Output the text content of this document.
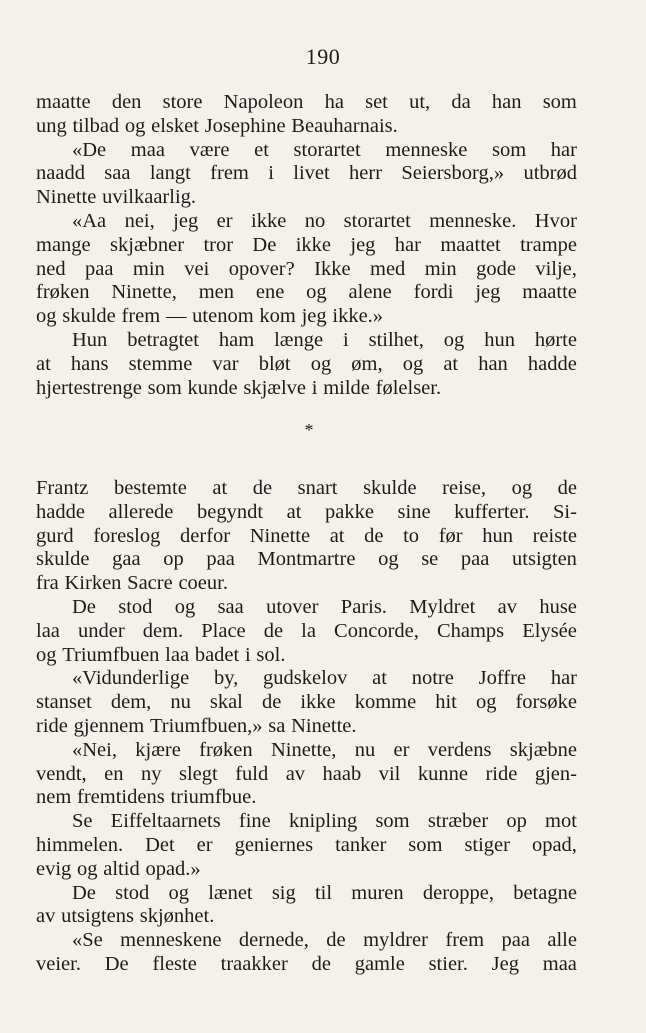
190
maatte den store Napoleon ha set ut, da han som
ung tilbad og elsket Josephine Beauharnais.
«De maa være et storartet menneske som har
naadd saa langt frem i livet herr Seiersborg,» utbrød
Ninette uvilkaarlig.
«Aa nei, jeg er ikke no storartet menneske. Hvor
mange skjæbner tror De ikke jeg har maattet trampe
ned paa min vei opover? Ikke med min gode vilje,
frøken Ninette, men ene og alene fordi jeg maatte
og skulde frem — utenom kom jeg ikke.»
Hun betragtet ham længe i stilhet, og hun hørte
at hans stemme var bløt og øm, og at han hadde
hjertestrenge som kunde skjælve i milde følelser.
*
Frantz bestemte at de snart skulde reise, og de
hadde allerede begyndt at pakke sine kufferter. Si-
gurd foreslog derfor Ninette at de to før hun reiste
skulde gaa op paa Montmartre og se paa utsigten
fra Kirken Sacre coeur.
De stod og saa utover Paris. Myldret av huse
laa under dem. Place de la Concorde, Champs Elysée
og Triumfbuen laa badet i sol.
«Vidunderlige by, gudskelov at notre Joffre har
stanset dem, nu skal de ikke komme hit og forsøke
ride gjennem Triumfbuen,» sa Ninette.
«Nei, kjære frøken Ninette, nu er verdens skjæbne
vendt, en ny slegt fuld av haab vil kunne ride gjen-
nem fremtidens triumfbue.
Se Eiffeltaarnets fine knipling som stræber op mot
himmelen. Det er geniernes tanker som stiger opad,
evig og altid opad.»
De stod og lænet sig til muren deroppe, betagne
av utsigtens skjønhet.
«Se menneskene dernede, de myldrer frem paa alle
veier. De fleste traakker de gamle stier. Jeg maa
